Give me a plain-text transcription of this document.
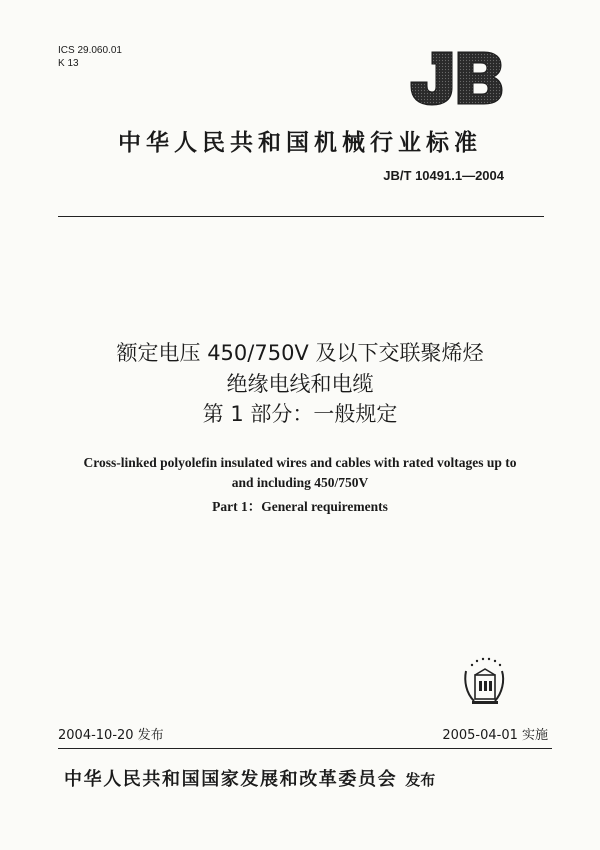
ICS 29.060.01
K 13
中华人民共和国机械行业标准
JB/T 10491.1—2004
额定电压 450/750V 及以下交联聚烯烃
绝缘电线和电缆
第 1 部分：一般规定
Cross-linked polyolefin insulated wires and cables with rated voltages up to
and including 450/750V
Part 1：General requirements
2004-10-20 发布	2005-04-01 实施
中华人民共和国国家发展和改革委员会 发布
